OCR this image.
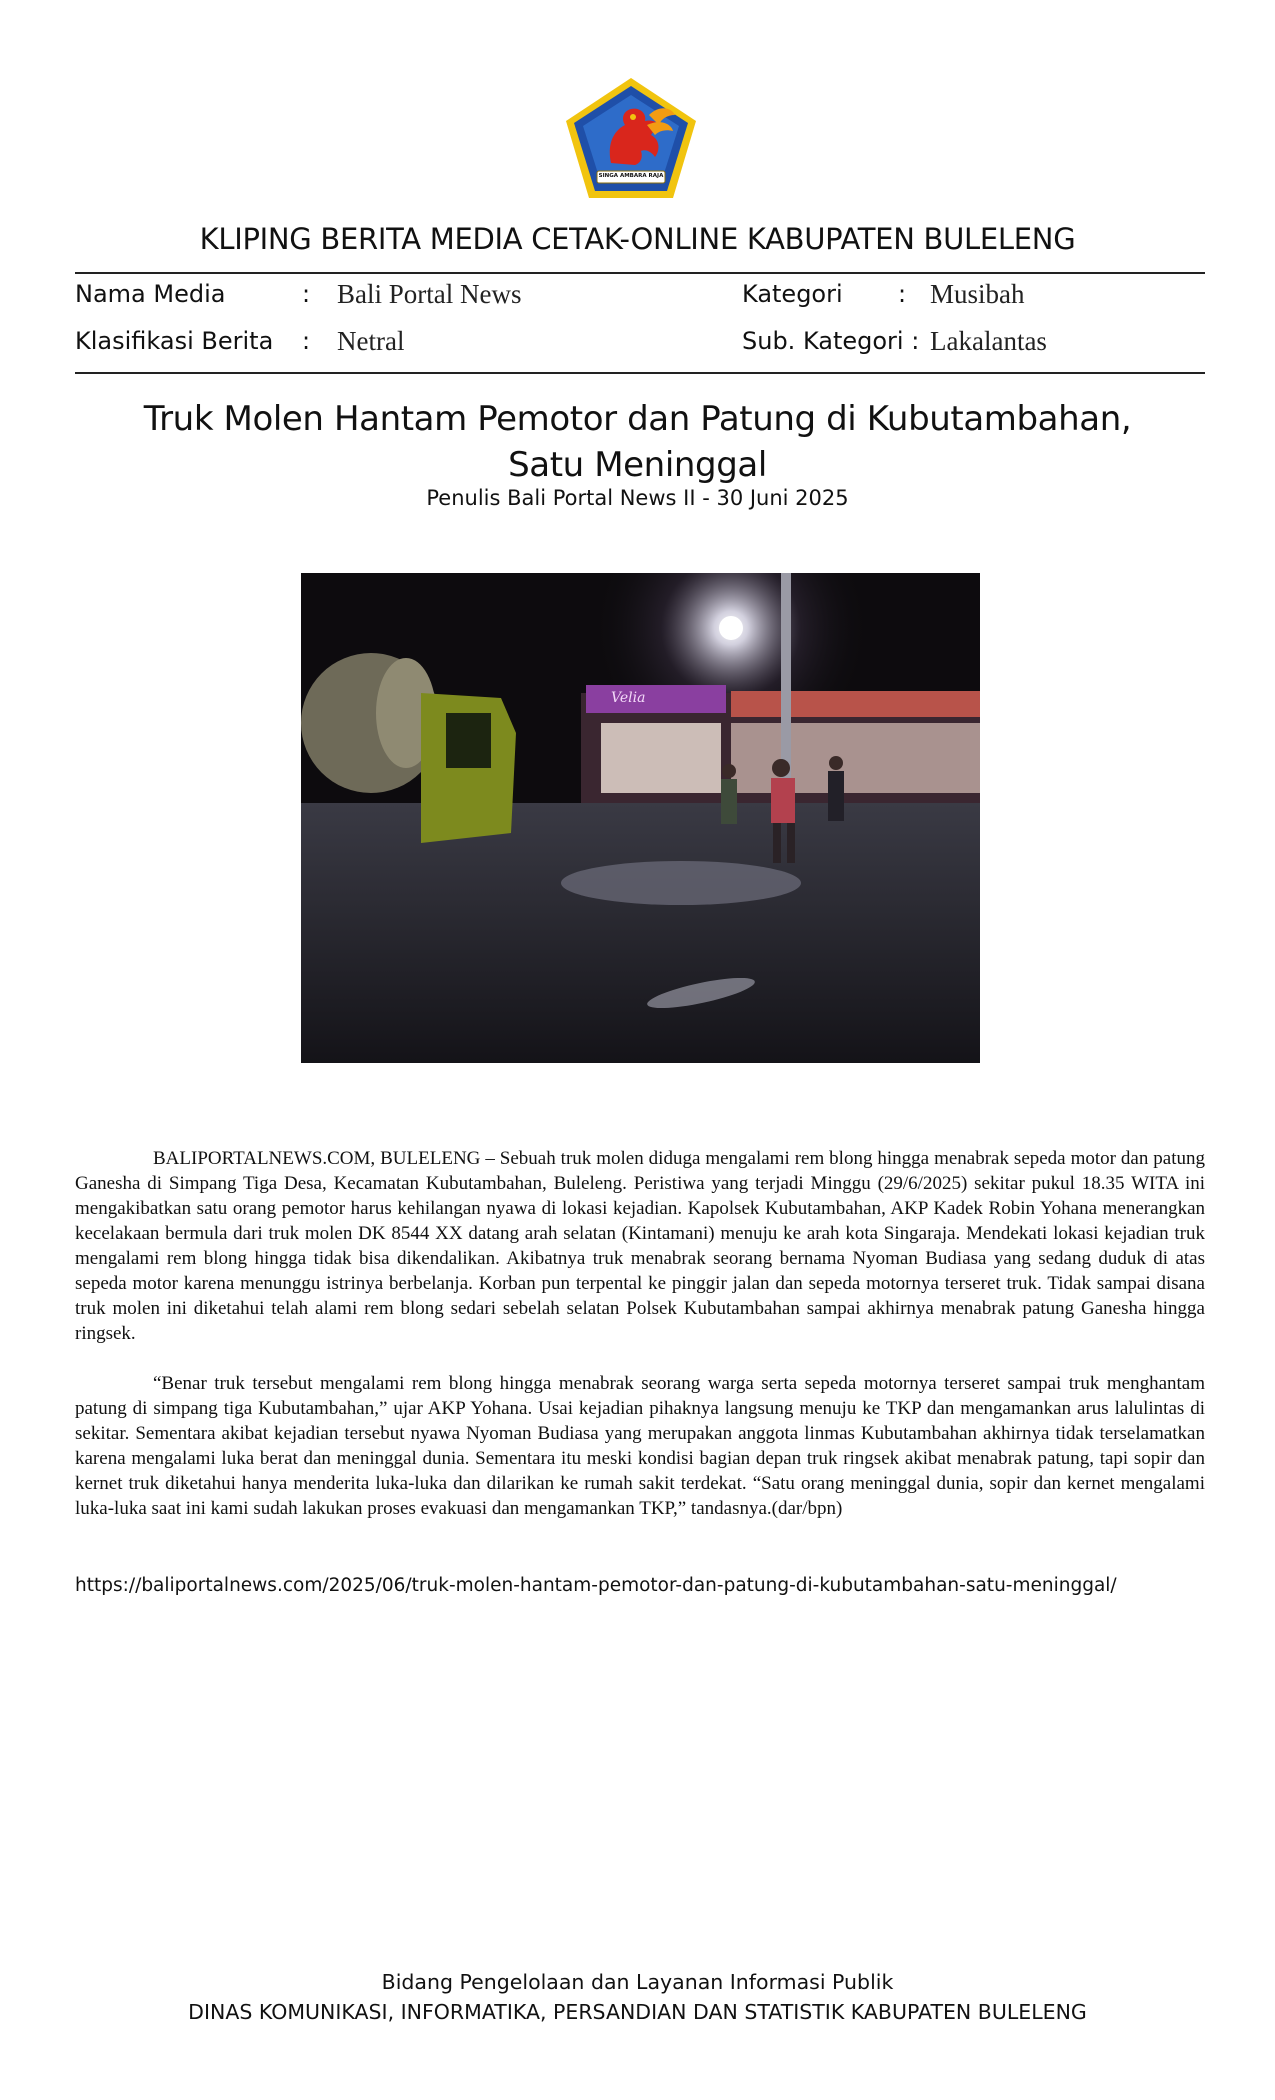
SINGA AMBARA RAJA
KLIPING BERITA MEDIA CETAK-ONLINE KABUPATEN BULELENG
Nama Media	: Bali Portal News	Kategori : Musibah
Klasifikasi Berita : Netral	Sub. Kategori : Lakalantas
Truk Molen Hantam Pemotor dan Patung di Kubutambahan,
Satu Meninggal
Penulis Bali Portal News II - 30 Juni 2025
Velia

BALIPORTALNEWS.COM, BULELENG – Sebuah truk molen diduga mengalami rem blong hingga menabrak sepeda motor dan patung Ganesha di Simpang Tiga Desa, Kecamatan Kubutambahan, Buleleng. Peristiwa yang terjadi Minggu (29/6/2025) sekitar pukul 18.35 WITA ini mengakibatkan satu orang pemotor harus kehilangan nyawa di lokasi kejadian. Kapolsek Kubutambahan, AKP Kadek Robin Yohana menerangkan kecelakaan bermula dari truk molen DK 8544 XX datang arah selatan (Kintamani) menuju ke arah kota Singaraja. Mendekati lokasi kejadian truk mengalami rem blong hingga tidak bisa dikendalikan. Akibatnya truk menabrak seorang bernama Nyoman Budiasa yang sedang duduk di atas sepeda motor karena menunggu istrinya berbelanja. Korban pun terpental ke pinggir jalan dan sepeda motornya terseret truk. Tidak sampai disana truk molen ini diketahui telah alami rem blong sedari sebelah selatan Polsek Kubutambahan sampai akhirnya menabrak patung Ganesha hingga ringsek.

“Benar truk tersebut mengalami rem blong hingga menabrak seorang warga serta sepeda motornya terseret sampai truk menghantam patung di simpang tiga Kubutambahan,” ujar AKP Yohana. Usai kejadian pihaknya langsung menuju ke TKP dan mengamankan arus lalulintas di sekitar. Sementara akibat kejadian tersebut nyawa Nyoman Budiasa yang merupakan anggota linmas Kubutambahan akhirnya tidak terselamatkan karena mengalami luka berat dan meninggal dunia. Sementara itu meski kondisi bagian depan truk ringsek akibat menabrak patung, tapi sopir dan kernet truk diketahui hanya menderita luka-luka dan dilarikan ke rumah sakit terdekat. “Satu orang meninggal dunia, sopir dan kernet mengalami luka-luka saat ini kami sudah lakukan proses evakuasi dan mengamankan TKP,” tandasnya.(dar/bpn)

https://baliportalnews.com/2025/06/truk-molen-hantam-pemotor-dan-patung-di-kubutambahan-satu-meninggal/
Bidang Pengelolaan dan Layanan Informasi Publik
DINAS KOMUNIKASI, INFORMATIKA, PERSANDIAN DAN STATISTIK KABUPATEN BULELENG
